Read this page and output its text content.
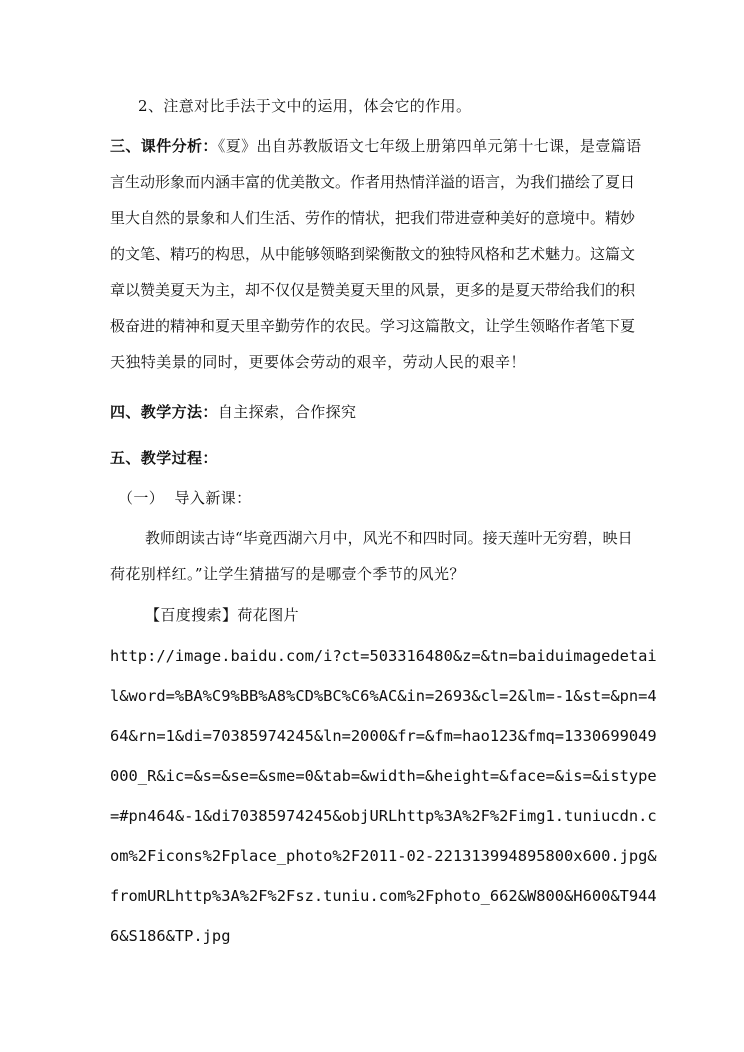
2、注意对比手法于文中的运用，体会它的作用。
三、课件分析：《夏》出自苏教版语文七年级上册第四单元第十七课，是壹篇语
言生动形象而内涵丰富的优美散文。作者用热情洋溢的语言，为我们描绘了夏日
里大自然的景象和人们生活、劳作的情状，把我们带进壹种美好的意境中。精妙
的文笔、精巧的构思，从中能够领略到梁衡散文的独特风格和艺术魅力。这篇文
章以赞美夏天为主，却不仅仅是赞美夏天里的风景，更多的是夏天带给我们的积
极奋进的精神和夏天里辛勤劳作的农民。学习这篇散文，让学生领略作者笔下夏
天独特美景的同时，更要体会劳动的艰辛，劳动人民的艰辛！
四、教学方法：自主探索，合作探究
五、教学过程：
（一）  导入新课：
教师朗读古诗“毕竟西湖六月中，风光不和四时同。接天莲叶无穷碧，映日
荷花别样红。”让学生猜描写的是哪壹个季节的风光？
【百度搜索】荷花图片
http://image.baidu.com/i?ct=503316480&z=&tn=baiduimagedetai
l&word=%BA%C9%BB%A8%CD%BC%C6%AC&in=2693&cl=2&lm=-1&st=&pn=4
64&rn=1&di=70385974245&ln=2000&fr=&fm=hao123&fmq=1330699049
000_R&ic=&s=&se=&sme=0&tab=&width=&height=&face=&is=&istype
=#pn464&-1&di70385974245&objURLhttp%3A%2F%2Fimg1.tuniucdn.c
om%2Ficons%2Fplace_photo%2F2011-02-221313994895800x600.jpg&
fromURLhttp%3A%2F%2Fsz.tuniu.com%2Fphoto_662&W800&H600&T944
6&S186&TP.jpg
